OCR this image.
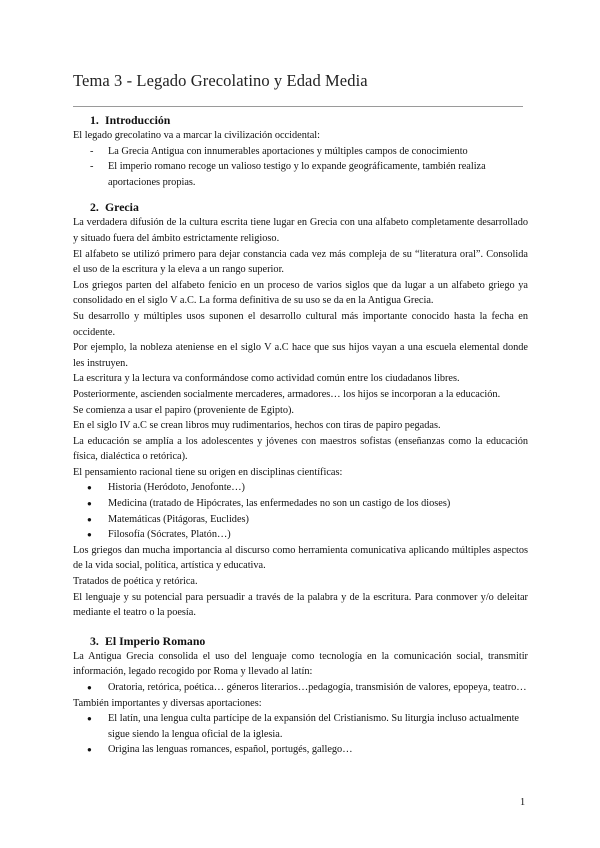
Tema 3 - Legado Grecolatino y Edad Media
1. Introducción

El legado grecolatino va a marcar la civilización occidental:

- La Grecia Antigua con innumerables aportaciones y múltiples campos de conocimiento
- El imperio romano recoge un valioso testigo y lo expande geográficamente, también realiza aportaciones propias.
2. Grecia

La verdadera difusión de la cultura escrita tiene lugar en Grecia con una alfabeto completamente desarrollado y situado fuera del ámbito estrictamente religioso.

El alfabeto se utilizó primero para dejar constancia cada vez más compleja de su “literatura oral”. Consolida el uso de la escritura y la eleva a un rango superior.

Los griegos parten del alfabeto fenicio en un proceso de varios siglos que da lugar a un alfabeto griego ya consolidado en el siglo V a.C. La forma definitiva de su uso se da en la Antigua Grecia.

Su desarrollo y múltiples usos suponen el desarrollo cultural más importante conocido hasta la fecha en occidente.

Por ejemplo, la nobleza ateniense en el siglo V a.C hace que sus hijos vayan a una escuela elemental donde les instruyen.

La escritura y la lectura va conformándose como actividad común entre los ciudadanos libres.

Posteriormente, ascienden socialmente mercaderes, armadores… los hijos se incorporan a la educación.

Se comienza a usar el papiro (proveniente de Egipto).

En el siglo IV a.C se crean libros muy rudimentarios, hechos con tiras de papiro pegadas.

La educación se amplía a los adolescentes y jóvenes con maestros sofistas (enseñanzas como la educación física, dialéctica o retórica).

El pensamiento racional tiene su origen en disciplinas científicas:

● Historia (Heródoto, Jenofonte…)
● Medicina (tratado de Hipócrates, las enfermedades no son un castigo de los dioses)
● Matemáticas (Pitágoras, Euclides)
● Filosofía (Sócrates, Platón…)

Los griegos dan mucha importancia al discurso como herramienta comunicativa aplicando múltiples aspectos de la vida social, política, artística y educativa.

Tratados de poética y retórica.

El lenguaje y su potencial para persuadir a través de la palabra y de la escritura. Para conmover y/o deleitar mediante el teatro o la poesía.

3. El Imperio Romano

La Antigua Grecia consolida el uso del lenguaje como tecnología en la comunicación social, transmitir información, legado recogido por Roma y llevado al latín:

● Oratoria, retórica, poética… géneros literarios…pedagogía, transmisión de valores, epopeya, teatro…

También importantes y diversas aportaciones:

● El latín, una lengua culta partícipe de la expansión del Cristianismo. Su liturgia incluso actualmente sigue siendo la lengua oficial de la iglesia.
● Origina las lenguas romances, español, portugés, gallego…
1
